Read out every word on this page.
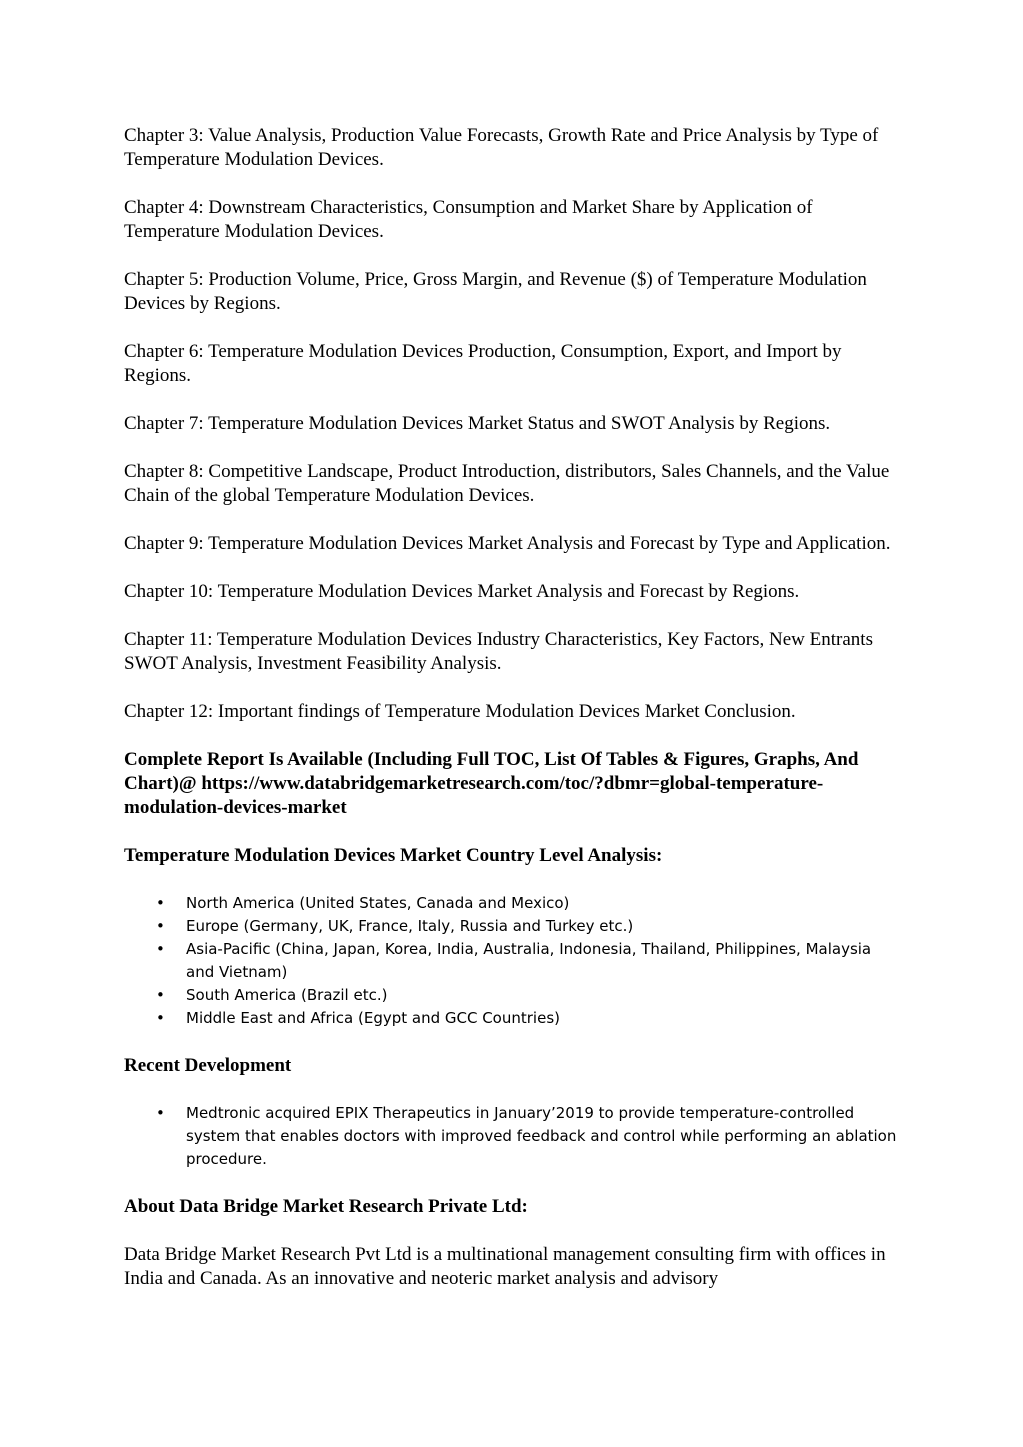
Chapter 3: Value Analysis, Production Value Forecasts, Growth Rate and Price Analysis by Type of Temperature Modulation Devices.

Chapter 4: Downstream Characteristics, Consumption and Market Share by Application of Temperature Modulation Devices.

Chapter 5: Production Volume, Price, Gross Margin, and Revenue ($) of Temperature Modulation Devices by Regions.

Chapter 6: Temperature Modulation Devices Production, Consumption, Export, and Import by Regions.

Chapter 7: Temperature Modulation Devices Market Status and SWOT Analysis by Regions.

Chapter 8: Competitive Landscape, Product Introduction, distributors, Sales Channels, and the Value Chain of the global Temperature Modulation Devices.

Chapter 9: Temperature Modulation Devices Market Analysis and Forecast by Type and Application.

Chapter 10: Temperature Modulation Devices Market Analysis and Forecast by Regions.

Chapter 11: Temperature Modulation Devices Industry Characteristics, Key Factors, New Entrants SWOT Analysis, Investment Feasibility Analysis.

Chapter 12: Important findings of Temperature Modulation Devices Market Conclusion.

Complete Report Is Available (Including Full TOC, List Of Tables & Figures, Graphs, And Chart)@ https://www.databridgemarketresearch.com/toc/?dbmr=global-temperature-modulation-devices-market

Temperature Modulation Devices Market Country Level Analysis:

• North America (United States, Canada and Mexico)
• Europe (Germany, UK, France, Italy, Russia and Turkey etc.)
• Asia-Pacific (China, Japan, Korea, India, Australia, Indonesia, Thailand, Philippines, Malaysia and Vietnam)
• South America (Brazil etc.)
• Middle East and Africa (Egypt and GCC Countries)

Recent Development

• Medtronic acquired EPIX Therapeutics in January’2019 to provide temperature-controlled system that enables doctors with improved feedback and control while performing an ablation procedure.

About Data Bridge Market Research Private Ltd:

Data Bridge Market Research Pvt Ltd is a multinational management consulting firm with offices in India and Canada. As an innovative and neoteric market analysis and advisory
